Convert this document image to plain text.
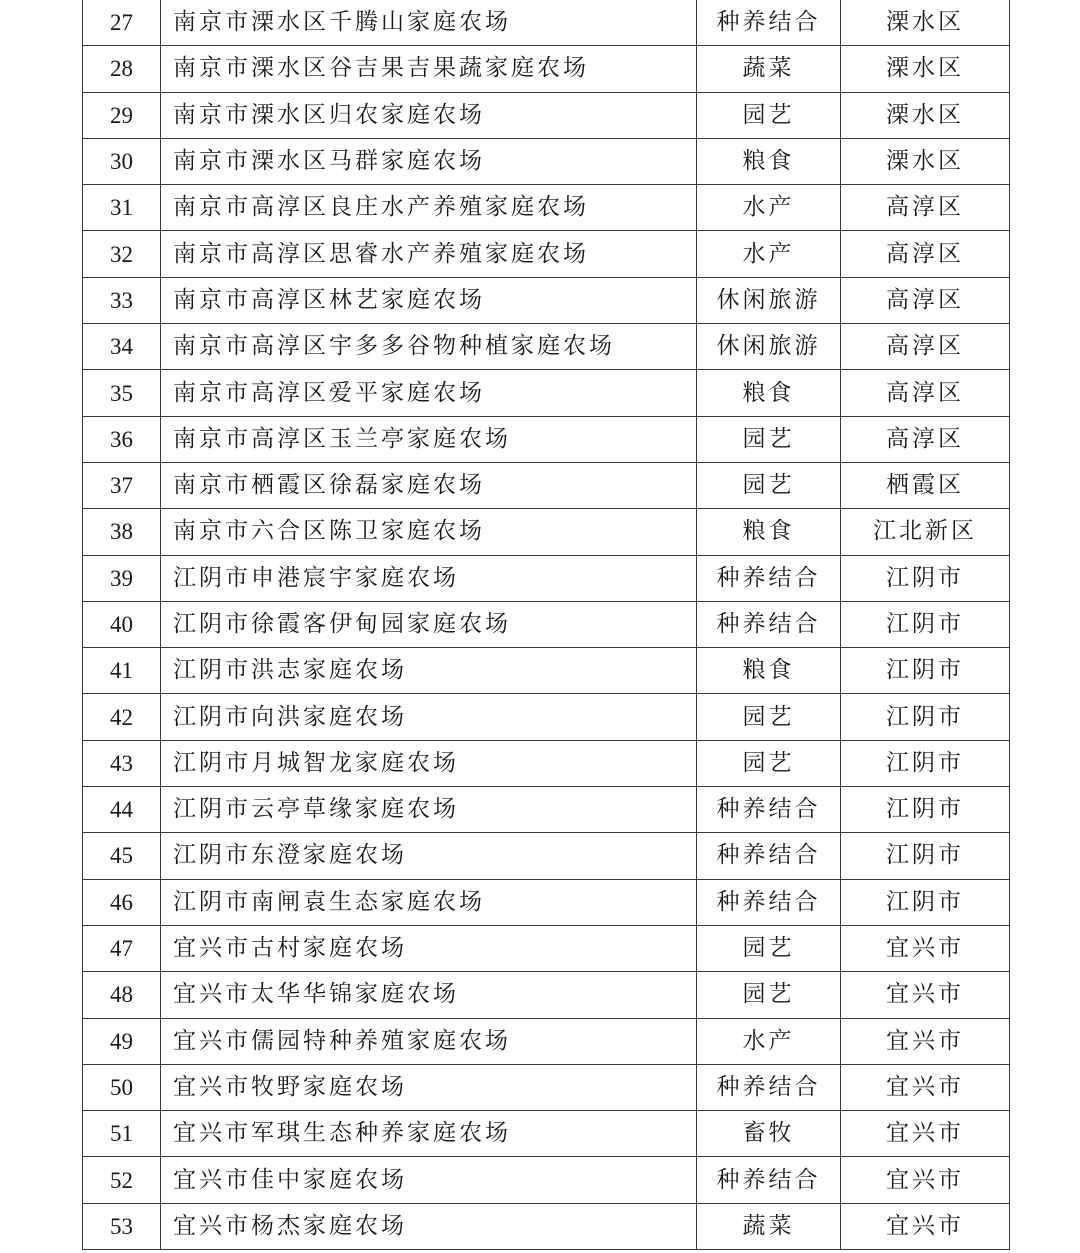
27	南京市溧水区千腾山家庭农场	种养结合	溧水区
28	南京市溧水区谷吉果吉果蔬家庭农场	蔬菜	溧水区
29	南京市溧水区归农家庭农场	园艺	溧水区
30	南京市溧水区马群家庭农场	粮食	溧水区
31	南京市高淳区良庄水产养殖家庭农场	水产	高淳区
32	南京市高淳区思睿水产养殖家庭农场	水产	高淳区
33	南京市高淳区林艺家庭农场	休闲旅游	高淳区
34	南京市高淳区宇多多谷物种植家庭农场	休闲旅游	高淳区
35	南京市高淳区爱平家庭农场	粮食	高淳区
36	南京市高淳区玉兰亭家庭农场	园艺	高淳区
37	南京市栖霞区徐磊家庭农场	园艺	栖霞区
38	南京市六合区陈卫家庭农场	粮食	江北新区
39	江阴市申港宸宇家庭农场	种养结合	江阴市
40	江阴市徐霞客伊甸园家庭农场	种养结合	江阴市
41	江阴市洪志家庭农场	粮食	江阴市
42	江阴市向洪家庭农场	园艺	江阴市
43	江阴市月城智龙家庭农场	园艺	江阴市
44	江阴市云亭草缘家庭农场	种养结合	江阴市
45	江阴市东澄家庭农场	种养结合	江阴市
46	江阴市南闸袁生态家庭农场	种养结合	江阴市
47	宜兴市古村家庭农场	园艺	宜兴市
48	宜兴市太华华锦家庭农场	园艺	宜兴市
49	宜兴市儒园特种养殖家庭农场	水产	宜兴市
50	宜兴市牧野家庭农场	种养结合	宜兴市
51	宜兴市军琪生态种养家庭农场	畜牧	宜兴市
52	宜兴市佳中家庭农场	种养结合	宜兴市
53	宜兴市杨杰家庭农场	蔬菜	宜兴市
